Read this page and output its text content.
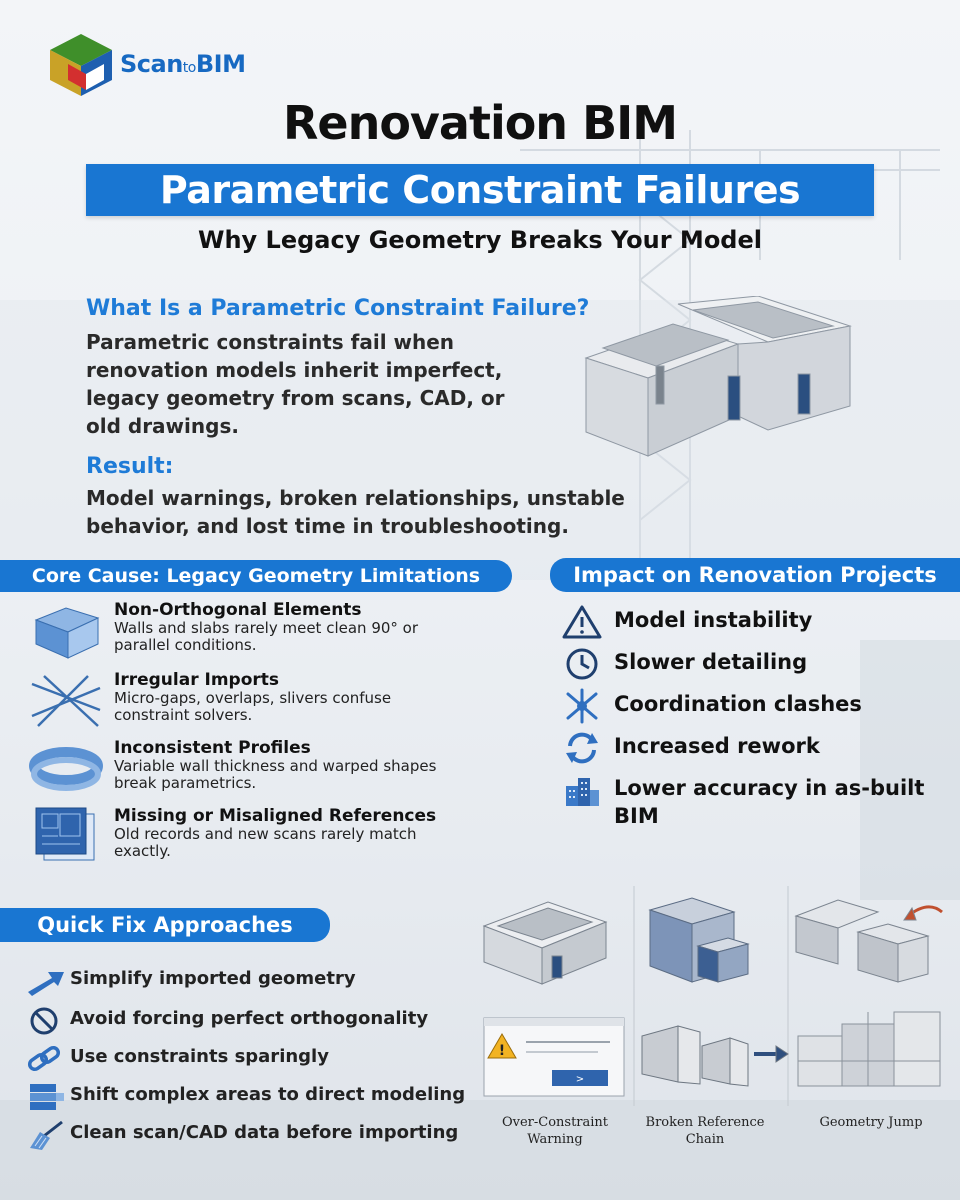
ScantoBIM
Renovation BIM
Parametric Constraint Failures
Why Legacy Geometry Breaks Your Model
What Is a Parametric Constraint Failure?
Parametric constraints fail when renovation models inherit imperfect, legacy geometry from scans, CAD, or old drawings.
Result:
Model warnings, broken relationships, unstable behavior, and lost time in troubleshooting.
Core Cause: Legacy Geometry Limitations
Non-Orthogonal Elements
Walls and slabs rarely meet clean 90° or parallel conditions.
Irregular Imports
Micro-gaps, overlaps, slivers confuse constraint solvers.
Inconsistent Profiles
Variable wall thickness and warped shapes break parametrics.
Missing or Misaligned References
Old records and new scans rarely match exactly.
Impact on Renovation Projects
Model instability
Slower detailing
Coordination clashes
Increased rework
Lower accuracy in as-built BIM
Quick Fix Approaches
Simplify imported geometry
Avoid forcing perfect orthogonality
Use constraints sparingly
Shift complex areas to direct modeling
Clean scan/CAD data before importing
!
>
Over-Constraint Warning
Broken Reference Chain
Geometry Jump
